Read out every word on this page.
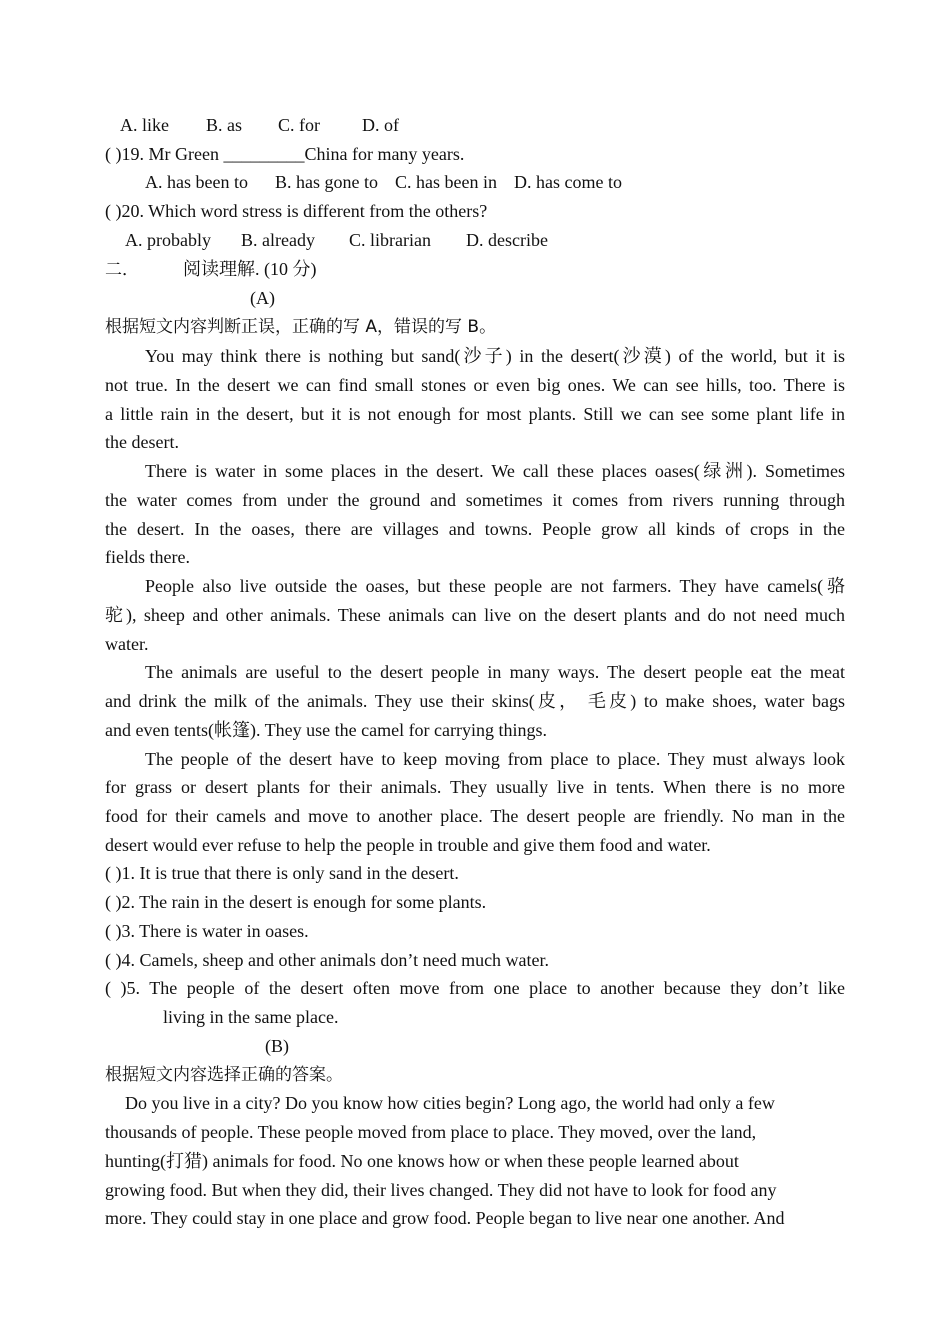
A. like B. as C. for D. of
( )19. Mr Green _________China for many years.
A. has been to B. has gone to C. has been in D. has come to
( )20. Which word stress is different from the others?
A. probably B. already C. librarian D. describe
二． 阅读理解. (10 分)
(A)
根据短文内容判断正误，正确的写 A，错误的写 B。
You may think there is nothing but sand(沙子) in the desert(沙漠) of the world, but it is
not true. In the desert we can find small stones or even big ones. We can see hills, too. There is
a little rain in the desert, but it is not enough for most plants. Still we can see some plant life in
the desert.
There is water in some places in the desert. We call these places oases(绿洲). Sometimes
the water comes from under the ground and sometimes it comes from rivers running through
the desert. In the oases, there are villages and towns. People grow all kinds of crops in the
fields there.
People also live outside the oases, but these people are not farmers. They have camels(骆
驼), sheep and other animals. These animals can live on the desert plants and do not need much
water.
The animals are useful to the desert people in many ways. The desert people eat the meat
and drink the milk of the animals. They use their skins(皮， 毛皮) to make shoes, water bags
and even tents(帐篷). They use the camel for carrying things.
The people of the desert have to keep moving from place to place. They must always look
for grass or desert plants for their animals. They usually live in tents. When there is no more
food for their camels and move to another place. The desert people are friendly. No man in the
desert would ever refuse to help the people in trouble and give them food and water.
( )1. It is true that there is only sand in the desert.
( )2. The rain in the desert is enough for some plants.
( )3. There is water in oases.
( )4. Camels, sheep and other animals don’t need much water.
( )5. The people of the desert often move from one place to another because they don’t like
living in the same place.
(B)
根据短文内容选择正确的答案。
Do you live in a city? Do you know how cities begin? Long ago, the world had only a few
thousands of people. These people moved from place to place. They moved, over the land,
hunting(打猎) animals for food. No one knows how or when these people learned about
growing food. But when they did, their lives changed. They did not have to look for food any
more. They could stay in one place and grow food. People began to live near one another. And
